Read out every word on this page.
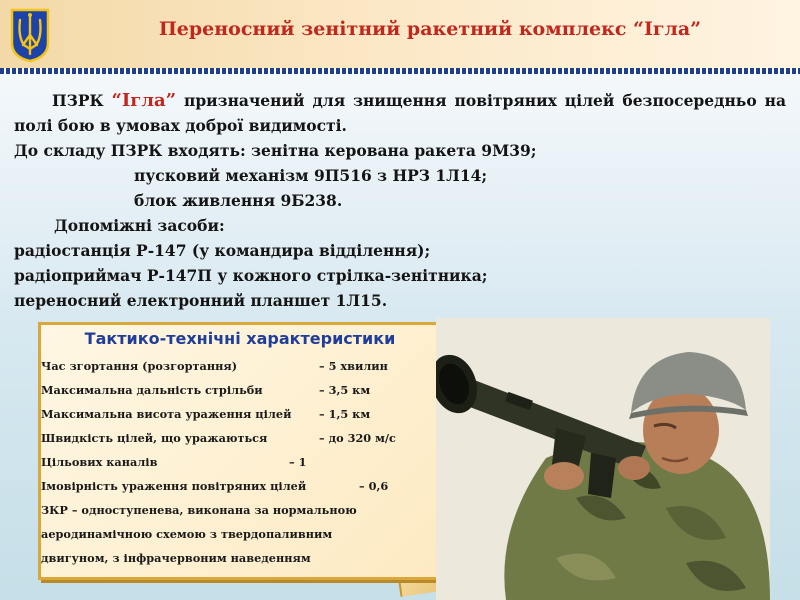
Переносний зенітний ракетний комплекс “Ігла”

ПЗРК “Ігла” призначений для знищення повітряних цілей безпосередньо на полі бою в умовах доброї видимості.

До складу ПЗРК входять: зенітна керована ракета 9М39;

пусковий механізм 9П516 з НРЗ 1Л14;

блок живлення 9Б238.

Допоміжні засоби:

радіостанція Р-147 (у командира відділення);

радіоприймач Р-147П у кожного стрілка-зенітника;

переносний електронний планшет 1Л15.

Тактико-технічні характеристики
Час згортання (розгортання)	– 5 хвилин
Максимальна дальність стрільби	– 3,5 км
Максимальна висота ураження цілей – 1,5 км
Швидкість цілей, що уражаються	– до 320 м/с
Цільових каналів	– 1
Імовірність ураження повітряних цілей	– 0,6
ЗКР – одноступенева, виконана за нормальною
аеродинамічною схемою з твердопаливним
двигуном, з інфрачервоним наведенням
